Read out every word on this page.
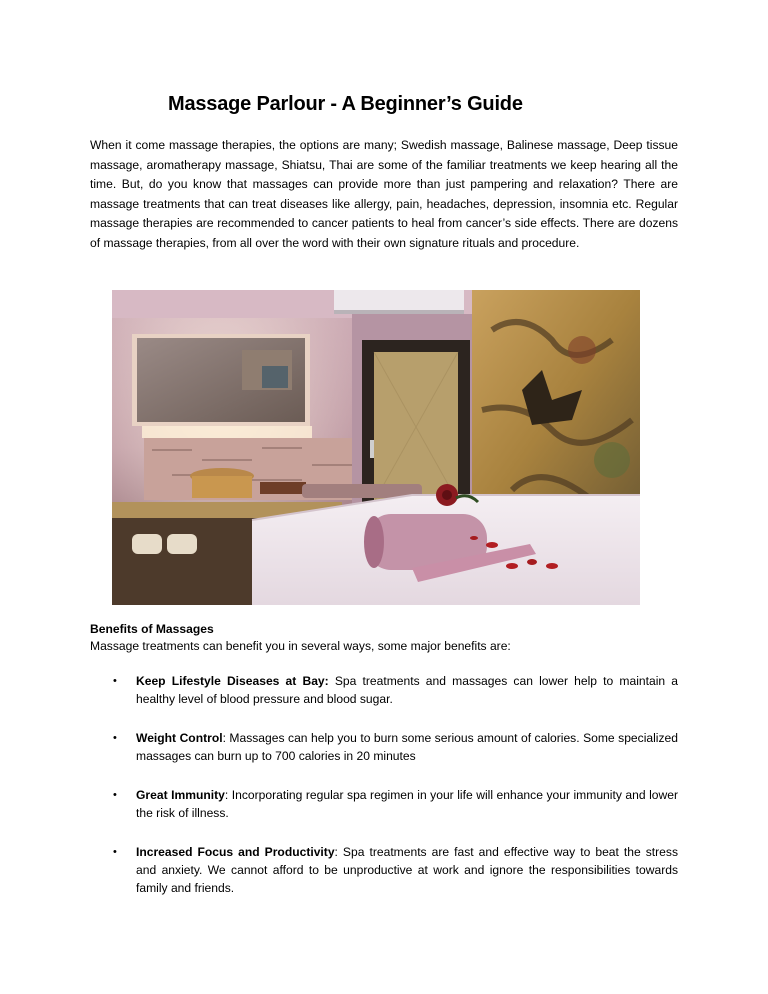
Massage Parlour - A Beginner’s Guide

When it come massage therapies, the options are many; Swedish massage, Balinese massage, Deep tissue massage, aromatherapy massage, Shiatsu, Thai are some of the familiar treatments we keep hearing all the time. But, do you know that massages can provide more than just pampering and relaxation? There are massage treatments that can treat diseases like allergy, pain, headaches, depression, insomnia etc. Regular massage therapies are recommended to cancer patients to heal from cancer’s side effects. There are dozens of massage therapies, from all over the word with their own signature rituals and procedure.

Benefits of Massages
Massage treatments can benefit you in several ways, some major benefits are:
• Keep Lifestyle Diseases at Bay: Spa treatments and massages can lower help to maintain a healthy level of blood pressure and blood sugar.
• Weight Control: Massages can help you to burn some serious amount of calories. Some specialized massages can burn up to 700 calories in 20 minutes
• Great Immunity: Incorporating regular spa regimen in your life will enhance your immunity and lower the risk of illness.
• Increased Focus and Productivity: Spa treatments are fast and effective way to beat the stress and anxiety. We cannot afford to be unproductive at work and ignore the responsibilities towards family and friends.
